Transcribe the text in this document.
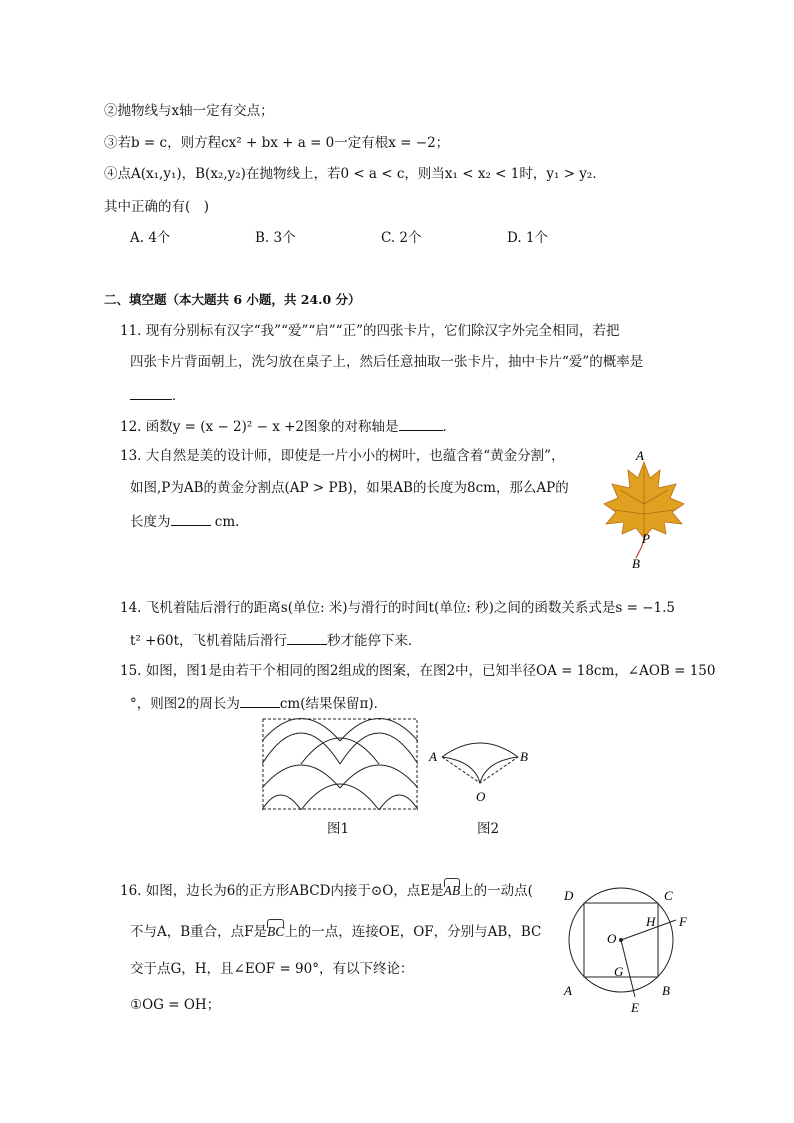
②抛物线与x轴一定有交点；
③若b = c，则方程cx² + bx + a = 0一定有根x = −2；
④点A(x₁,y₁)，B(x₂,y₂)在抛物线上，若0 < a < c，则当x₁ < x₂ < 1时，y₁ > y₂．
其中正确的有(　)
A. 4个	B. 3个	C. 2个	D. 1个
二、填空题（本大题共 6 小题，共 24.0 分）
11. 现有分别标有汉字“我”“爱”“启”“正”的四张卡片，它们除汉字外完全相同，若把
四张卡片背面朝上，洗匀放在桌子上，然后任意抽取一张卡片，抽中卡片“爱”的概率是
．
12. 函数y = (x − 2)² − x +2图象的对称轴是	．
13. 大自然是美的设计师，即使是一片小小的树叶，也蕴含着“黄金分割”，
如图,P为AB的黄金分割点(AP > PB)，如果AB的长度为8cm，那么AP的
长度为	cm．
A
P
B
14. 飞机着陆后滑行的距离s(单位: 米)与滑行的时间t(单位: 秒)之间的函数关系式是s = −1.5
t² +60t，飞机着陆后滑行	秒才能停下来．
15. 如图，图1是由若干个相同的图2组成的图案，在图2中，已知半径OA = 18cm，∠AOB = 150
°，则图2的周长为	cm(结果保留π)．
图1
A	B
O
图2
16. 如图，边长为6的正方形ABCD内接于⊙O，点E是
AB上的一动点(
不与A，B重合，点F是
BC上的一点，连接OE，OF，分别与AB，BC
交于点G，H，且∠EOF = 90°，有以下终论：
①OG = OH；
D	C
H F
O
G
A	B
E
